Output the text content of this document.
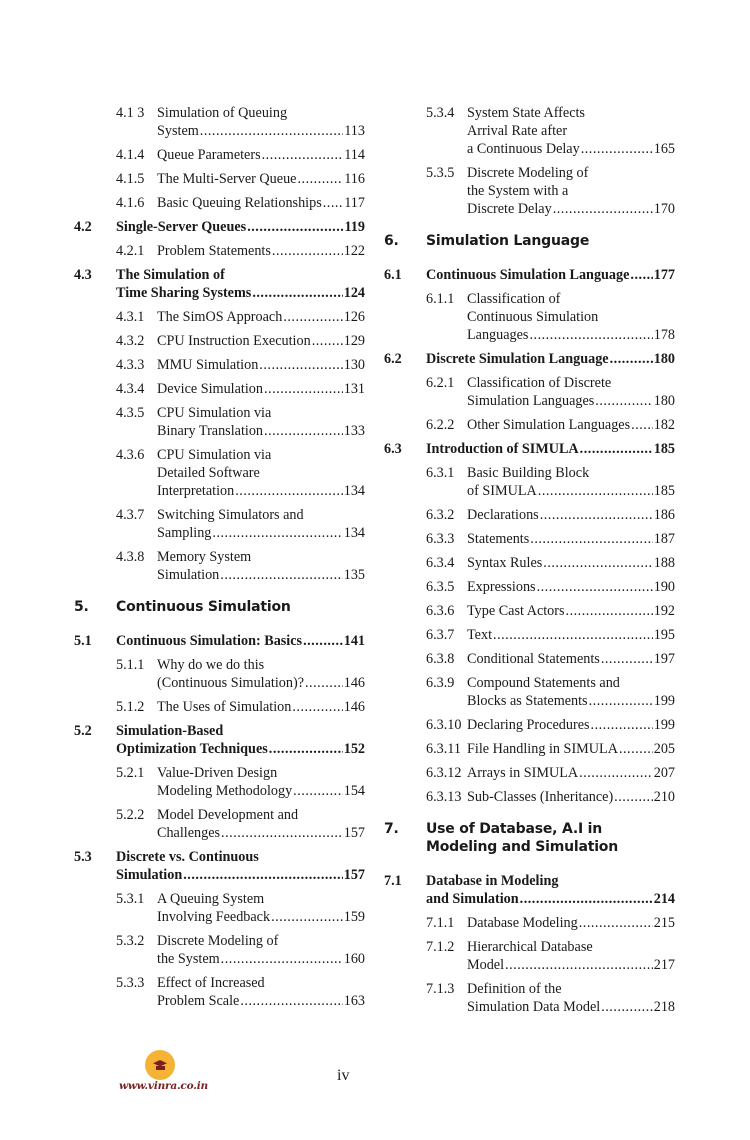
4.1 3 Simulation of Queuing
System .....	113
4.1.4 Queue Parameters .....	114
4.1.5 The Multi-Server Queue .....	116
4.1.6 Basic Queuing Relationships ..... 117
4.2 Single-Server Queues .....	119
4.2.1 Problem Statements .....	122
4.3 The Simulation of
Time Sharing Systems .....	124
4.3.1 The SimOS Approach .....	126
4.3.2 CPU Instruction Execution ..... 129
4.3.3 MMU Simulation .....	130
4.3.4 Device Simulation .....	131
4.3.5 CPU Simulation via
Binary Translation .....	133
4.3.6 CPU Simulation via
Detailed Software
Interpretation .....	134
4.3.7 Switching Simulators and
Sampling .....	134
4.3.8 Memory System
Simulation .....	135
5. Continuous Simulation
5.1 Continuous Simulation: Basics .....	141
5.1.1 Why do we do this
(Continuous Simulation)? .....	146
5.1.2 The Uses of Simulation .....	146
5.2 Simulation-Based
Optimization Techniques .....	152
5.2.1 Value-Driven Design
Modeling Methodology .....	154
5.2.2 Model Development and
Challenges .....	157
5.3 Discrete vs. Continuous
Simulation .....	157
5.3.1 A Queuing System
Involving Feedback .....	159
5.3.2 Discrete Modeling of
the System .....	160
5.3.3 Effect of Increased
Problem Scale .....	163
5.3.4 System State Affects
Arrival Rate after
a Continuous Delay .....	165
5.3.5 Discrete Modeling of
the System with a
Discrete Delay .....	170
6. Simulation Language
6.1 Continuous Simulation Language ..... 177
6.1.1 Classification of
Continuous Simulation
Languages .....	178
6.2 Discrete Simulation Language .....	180
6.2.1 Classification of Discrete
Simulation Languages .....	180
6.2.2 Other Simulation Languages ..... 182
6.3 Introduction of SIMULA .....	185
6.3.1 Basic Building Block
of SIMULA .....	185
6.3.2 Declarations .....	186
6.3.3 Statements .....	187
6.3.4 Syntax Rules .....	188
6.3.5 Expressions .....	190
6.3.6 Type Cast Actors .....	192
6.3.7 Text .....	195
6.3.8 Conditional Statements .....	197
6.3.9 Compound Statements and
Blocks as Statements .....	199
6.3.10 Declaring Procedures .....	199
6.3.11 File Handling in SIMULA .....	205
6.3.12 Arrays in SIMULA .....	207
6.3.13 Sub-Classes (Inheritance) .....	210
7. Use of Database, A.I in
Modeling and Simulation
7.1 Database in Modeling
and Simulation .....	214
7.1.1 Database Modeling .....	215
7.1.2 Hierarchical Database
Model .....	217
7.1.3 Definition of the
Simulation Data Model .....	218
www.vinra.co.in
iv
